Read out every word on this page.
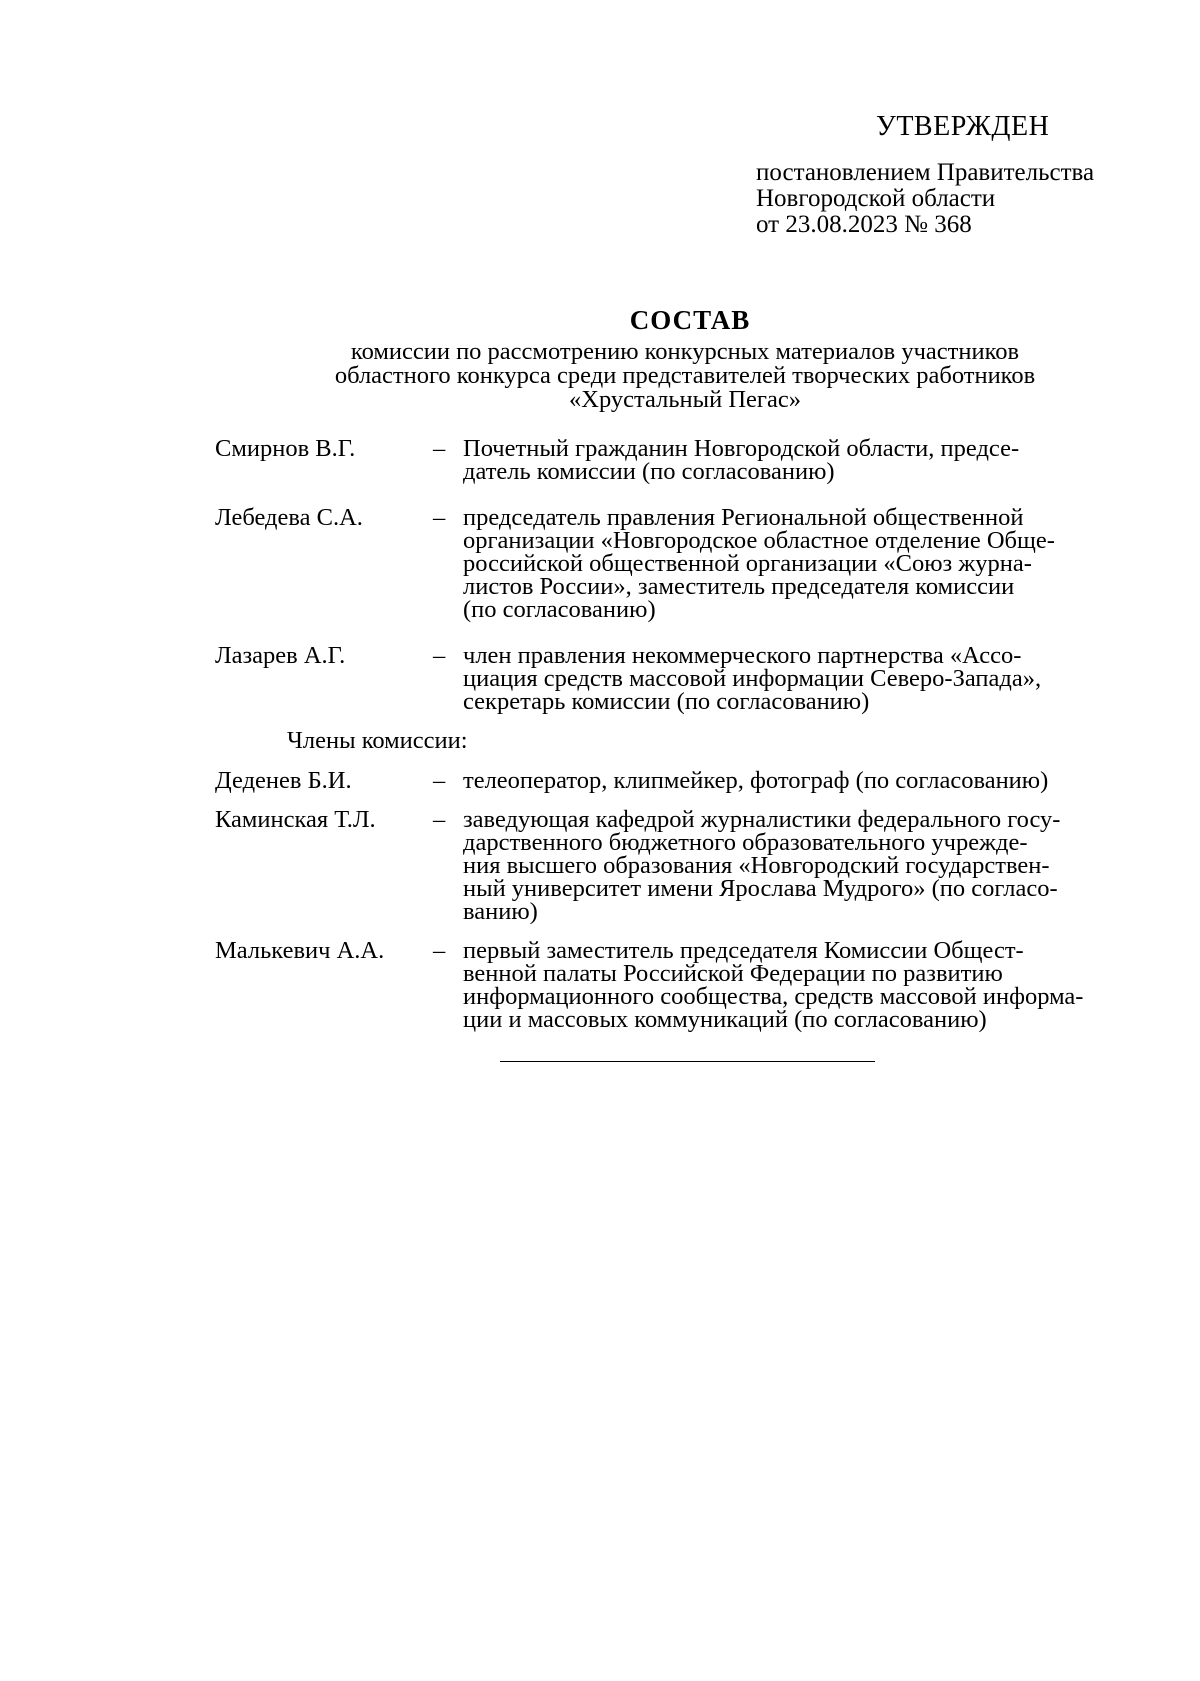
УТВЕРЖДЕН
постановлением Правительства
Новгородской области
от 23.08.2023 № 368
СОСТАВ
комиссии по рассмотрению конкурсных материалов участников
областного конкурса среди представителей творческих работников
«Хрустальный Пегас»
Смирнов В.Г.	– Почетный гражданин Новгородской области, предсе-
датель комиссии (по согласованию)
Лебедева С.А.	– председатель правления Региональной общественной
организации «Новгородское областное отделение Обще-
российской общественной организации «Союз журна-
листов России», заместитель председателя комиссии
(по согласованию)
Лазарев А.Г.	– член правления некоммерческого партнерства «Ассо-
циация средств массовой информации Северо-Запада»,
секретарь комиссии (по согласованию)
Члены комиссии:
Деденев Б.И.	– телеоператор, клипмейкер, фотограф (по согласованию)
Каминская Т.Л.	– заведующая кафедрой журналистики федерального госу-
дарственного бюджетного образовательного учрежде-
ния высшего образования «Новгородский государствен-
ный университет имени Ярослава Мудрого» (по согласо-
ванию)
Малькевич А.А.	– первый заместитель председателя Комиссии Общест-
венной палаты Российской Федерации по развитию
информационного сообщества, средств массовой информа-
ции и массовых коммуникаций (по согласованию)
